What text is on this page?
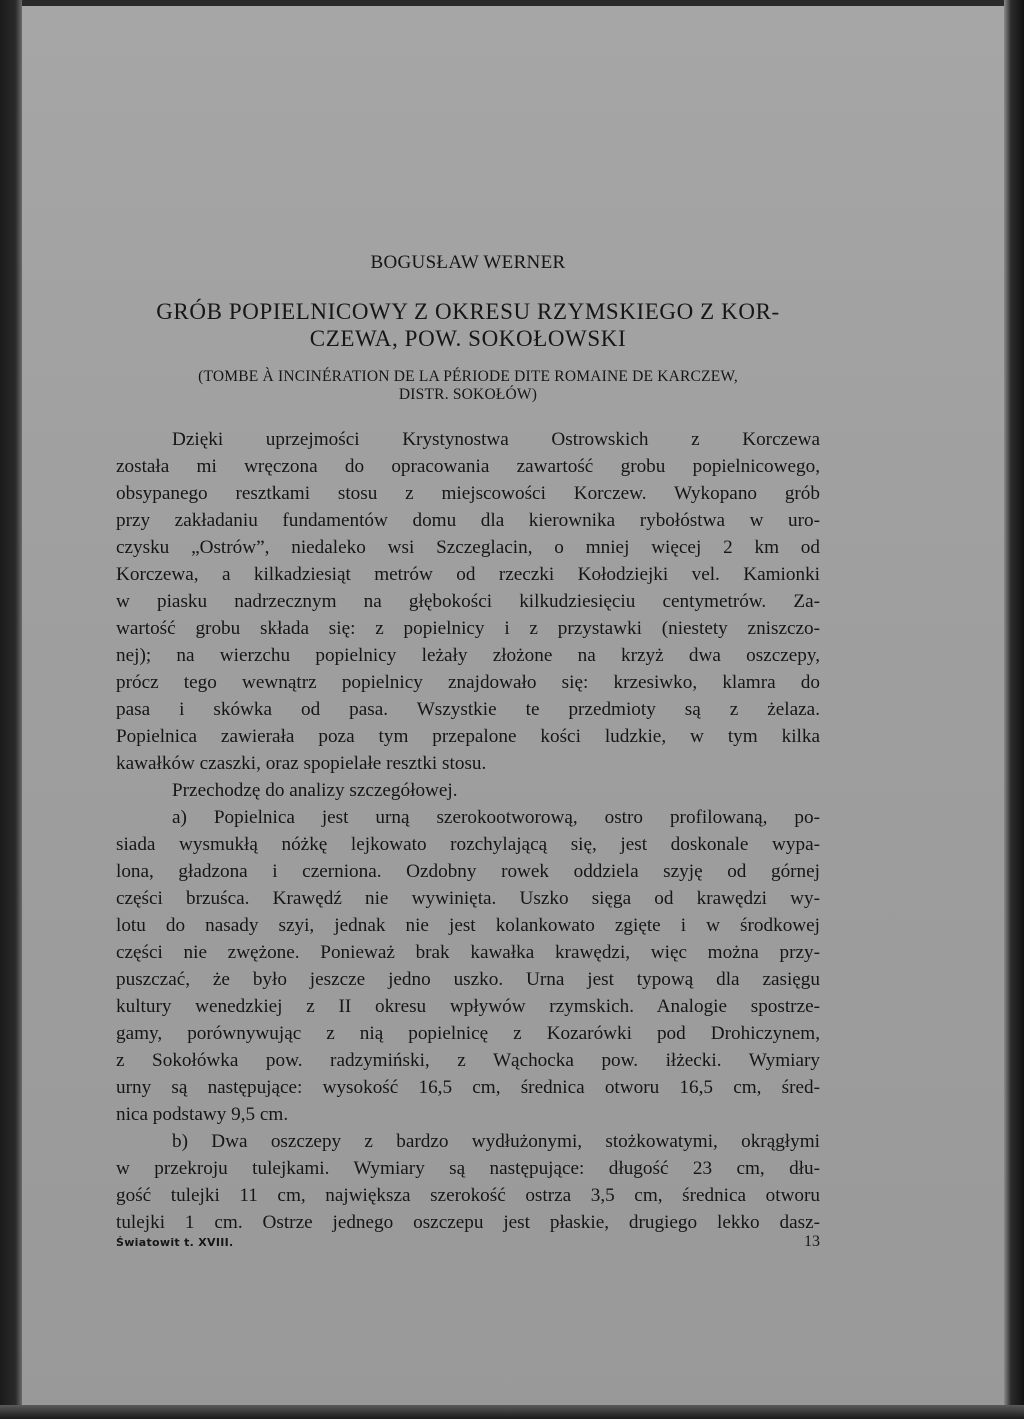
BOGUSŁAW WERNER
GRÓB POPIELNICOWY Z OKRESU RZYMSKIEGO Z KOR-
CZEWA, POW. SOKOŁOWSKI
(TOMBE À INCINÉRATION DE LA PÉRIODE DITE ROMAINE DE KARCZEW,
DISTR. SOKOŁÓW)
Dzięki uprzejmości Krystynostwa Ostrowskich z Korczewa
została mi wręczona do opracowania zawartość grobu popielnicowego,
obsypanego resztkami stosu z miejscowości Korczew. Wykopano grób
przy zakładaniu fundamentów domu dla kierownika rybołóstwa w uro-
czysku „Ostrów”, niedaleko wsi Szczeglacin, o mniej więcej 2 km od
Korczewa, a kilkadziesiąt metrów od rzeczki Kołodziejki vel. Kamionki
w piasku nadrzecznym na głębokości kilkudziesięciu centymetrów. Za-
wartość grobu składa się: z popielnicy i z przystawki (niestety zniszczo-
nej); na wierzchu popielnicy leżały złożone na krzyż dwa oszczepy,
prócz tego wewnątrz popielnicy znajdowało się: krzesiwko, klamra do
pasa i skówka od pasa. Wszystkie te przedmioty są z żelaza.
Popielnica zawierała poza tym przepalone kości ludzkie, w tym kilka
kawałków czaszki, oraz spopielałe resztki stosu.
Przechodzę do analizy szczegółowej.
a) Popielnica jest urną szerokootworową, ostro profilowaną, po-
siada wysmukłą nóżkę lejkowato rozchylającą się, jest doskonale wypa-
lona, gładzona i czerniona. Ozdobny rowek oddziela szyję od górnej
części brzuśca. Krawędź nie wywinięta. Uszko sięga od krawędzi wy-
lotu do nasady szyi, jednak nie jest kolankowato zgięte i w środkowej
części nie zwężone. Ponieważ brak kawałka krawędzi, więc można przy-
puszczać, że było jeszcze jedno uszko. Urna jest typową dla zasięgu
kultury wenedzkiej z II okresu wpływów rzymskich. Analogie spostrze-
gamy, porównywując z nią popielnicę z Kozarówki pod Drohiczynem,
z Sokołówka pow. radzymiński, z Wąchocka pow. iłżecki. Wymiary
urny są następujące: wysokość 16,5 cm, średnica otworu 16,5 cm, śred-
nica podstawy 9,5 cm.
b) Dwa oszczepy z bardzo wydłużonymi, stożkowatymi, okrągłymi
w przekroju tulejkami. Wymiary są następujące: długość 23 cm, dłu-
gość tulejki 11 cm, największa szerokość ostrza 3,5 cm, średnica otworu
tulejki 1 cm. Ostrze jednego oszczepu jest płaskie, drugiego lekko dasz-
Światowit t. XVIII.	13
